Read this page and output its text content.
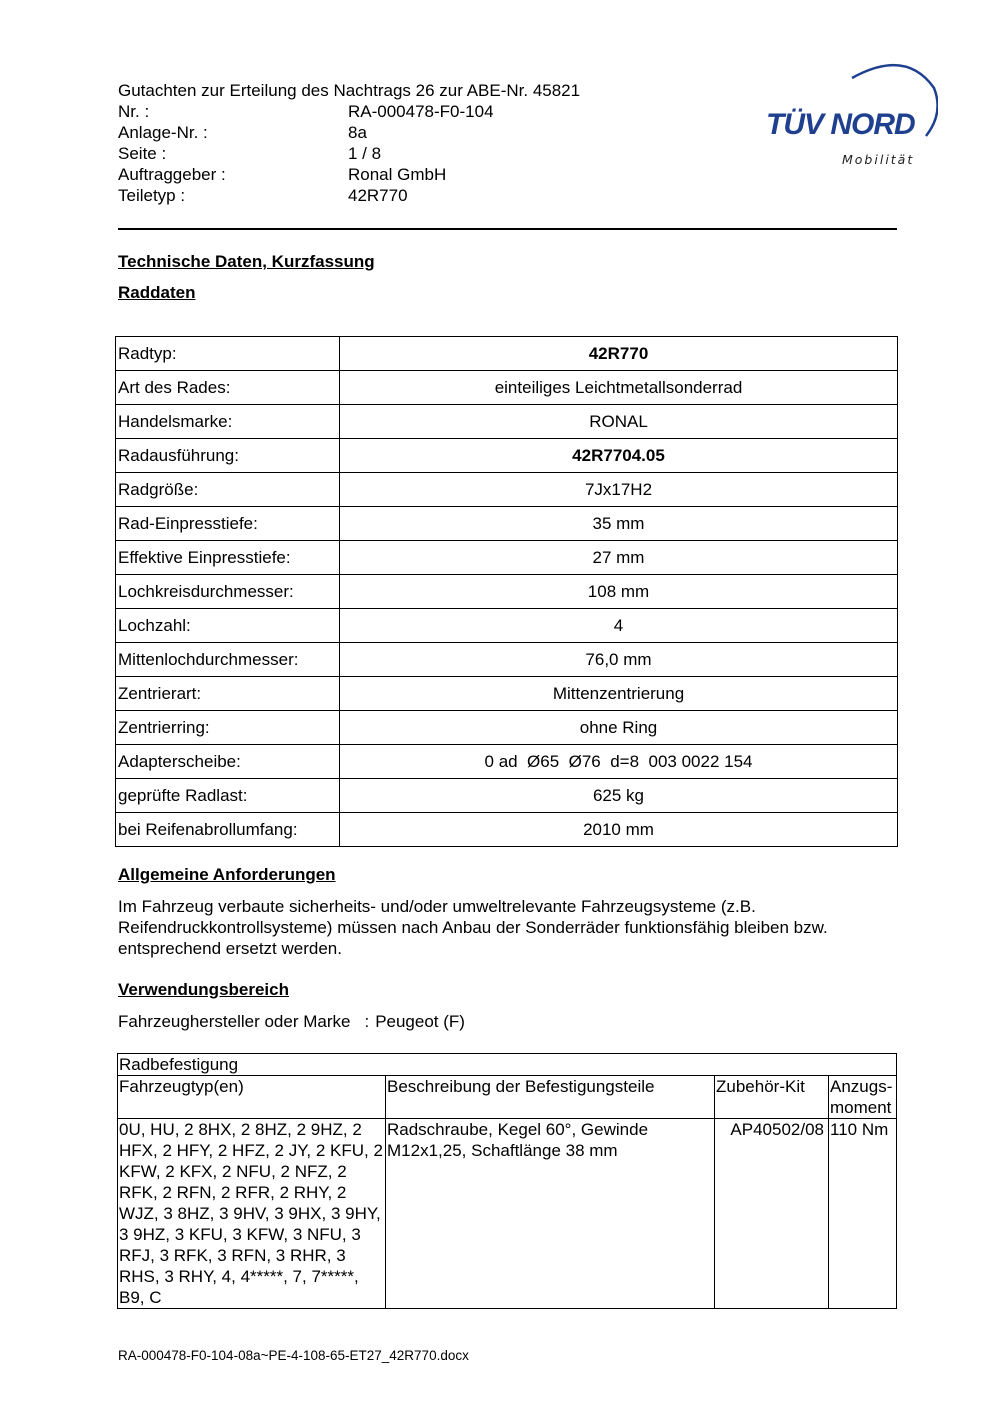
Gutachten zur Erteilung des Nachtrags 26 zur ABE-Nr. 45821
Nr. :	RA-000478-F0-104
Anlage-Nr. :	8a
Seite :	1 / 8
Auftraggeber :	Ronal GmbH
Teiletyp :	42R770
TÜV NORD
Mobilität
Technische Daten, Kurzfassung
Raddaten
Radtyp:	42R770
Art des Rades:	einteiliges Leichtmetallsonderrad
Handelsmarke:	RONAL
Radausführung:	42R7704.05
Radgröße:	7Jx17H2
Rad-Einpresstiefe:	35 mm
Effektive Einpresstiefe:	27 mm
Lochkreisdurchmesser:	108 mm
Lochzahl:	4
Mittenlochdurchmesser:	76,0 mm
Zentrierart:	Mittenzentrierung
Zentrierring:	ohne Ring
Adapterscheibe:	0 ad  Ø65  Ø76  d=8  003 0022 154
geprüfte Radlast:	625 kg
bei Reifenabrollumfang:	2010 mm
Allgemeine Anforderungen
Im Fahrzeug verbaute sicherheits- und/oder umweltrelevante Fahrzeugsysteme (z.B. Reifendruckkontrollsysteme) müssen nach Anbau der Sonderräder funktionsfähig bleiben bzw. entsprechend ersetzt werden.
Verwendungsbereich
Fahrzeughersteller oder Marke : Peugeot (F)
Radbefestigung			
Fahrzeugtyp(en)	Beschreibung der Befestigungsteile	Zubehör-Kit	Anzugs-
moment
0U, HU, 2 8HX, 2 8HZ, 2 9HZ, 2 HFX, 2 HFY, 2 HFZ, 2 JY, 2 KFU, 2 KFW, 2 KFX, 2 NFU, 2 NFZ, 2 RFK, 2 RFN, 2 RFR, 2 RHY, 2 WJZ, 3 8HZ, 3 9HV, 3 9HX, 3 9HY, 3 9HZ, 3 KFU, 3 KFW, 3 NFU, 3 RFJ, 3 RFK, 3 RFN, 3 RHR, 3 RHS, 3 RHY, 4, 4*****, 7, 7*****, B9, C	Radschraube, Kegel 60°, Gewinde M12x1,25, Schaftlänge 38 mm	AP40502/08	110 Nm
RA-000478-F0-104-08a~PE-4-108-65-ET27_42R770.docx
